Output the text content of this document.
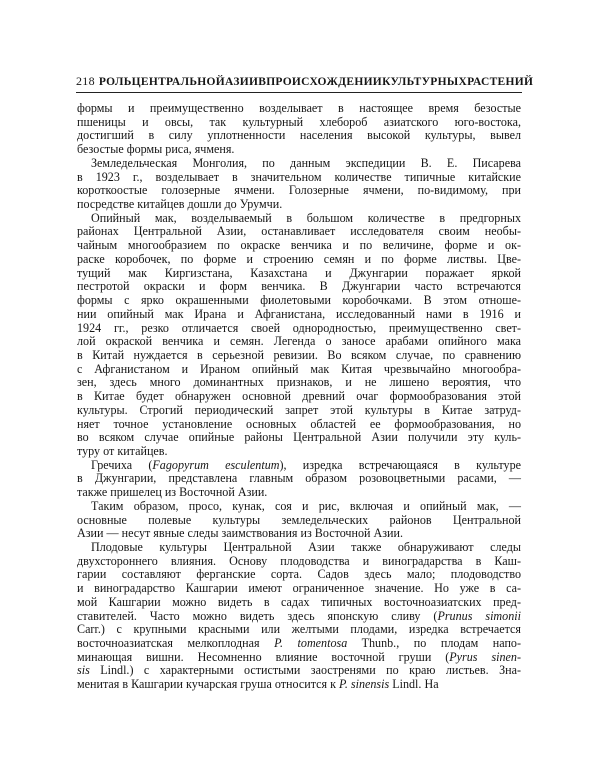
218 РОЛЬ ЦЕНТРАЛЬНОЙ АЗИИ В ПРОИСХОЖДЕНИИ КУЛЬТУРНЫХ РАСТЕНИЙ
формы и преимущественно возделывает в настоящее время безостые
пшеницы и овсы, так культурный хлебороб азиатского юго-востока,
достигший в силу уплотненности населения высокой культуры, вывел
безостые формы риса, ячменя.
Земледельческая Монголия, по данным экспедиции В. Е. Писарева
в 1923 г., возделывает в значительном количестве типичные китайские
короткоостые голозерные ячмени. Голозерные ячмени, по-видимому, при
посредстве китайцев дошли до Урумчи.
Опийный мак, возделываемый в большом количестве в предгорных
районах Центральной Азии, останавливает исследователя своим необы-
чайным многообразием по окраске венчика и по величине, форме и ок-
раске коробочек, по форме и строению семян и по форме листвы. Цве-
тущий мак Киргизстана, Казахстана и Джунгарии поражает яркой
пестротой окраски и форм венчика. В Джунгарии часто встречаются
формы с ярко окрашенными фиолетовыми коробочками. В этом отноше-
нии опийный мак Ирана и Афганистана, исследованный нами в 1916 и
1924 гг., резко отличается своей однородностью, преимущественно свет-
лой окраской венчика и семян. Легенда о заносе арабами опийного мака
в Китай нуждается в серьезной ревизии. Во всяком случае, по сравнению
с Афганистаном и Ираном опийный мак Китая чрезвычайно многообра-
зен, здесь много доминантных признаков, и не лишено вероятия, что
в Китае будет обнаружен основной древний очаг формообразования этой
культуры. Строгий периодический запрет этой культуры в Китае затруд-
няет точное установление основных областей ее формообразования, но
во всяком случае опийные районы Центральной Азии получили эту куль-
туру от китайцев.
Гречиха (Fagopyrum esculentum), изредка встречающаяся в культуре
в Джунгарии, представлена главным образом розовоцветными расами, —
также пришелец из Восточной Азии.
Таким образом, просо, кунак, соя и рис, включая и опийный мак, —
основные полевые культуры земледельческих районов Центральной
Азии — несут явные следы заимствования из Восточной Азии.
Плодовые культуры Центральной Азии также обнаруживают следы
двухстороннего влияния. Основу плодоводства и виноградарства в Каш-
гарии составляют ферганские сорта. Садов здесь мало; плодоводство
и виноградарство Кашгарии имеют ограниченное значение. Но уже в са-
мой Кашгарии можно видеть в садах типичных восточноазиатских пред-
ставителей. Часто можно видеть здесь японскую сливу (Prunus simonii
Carr.) с крупными красными или желтыми плодами, изредка встречается
восточноазиатская мелкоплодная P. tomentosa Thunb., по плодам напо-
минающая вишни. Несомненно влияние восточной груши (Pyrus sinen-
sis Lindl.) с характерными остистыми заостренями по краю листьев. Зна-
менитая в Кашгарии кучарская груша относится к P. sinensis Lindl. На
